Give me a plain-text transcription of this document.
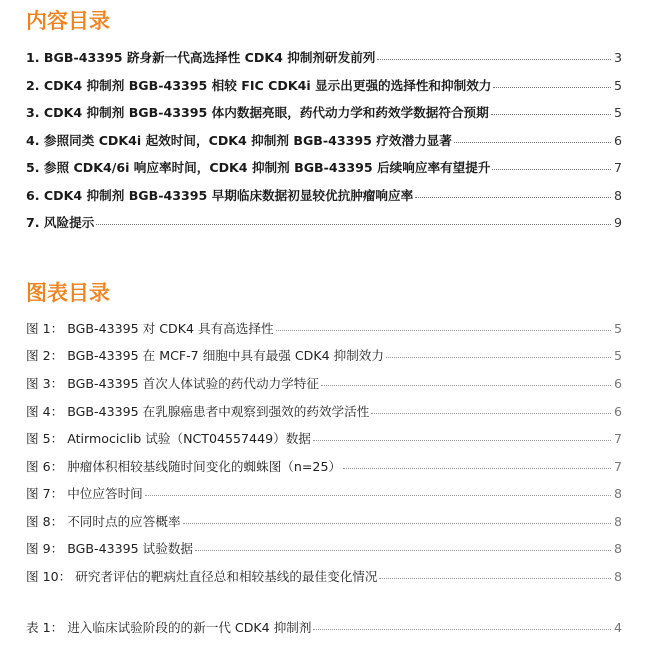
内容目录
1. BGB-43395 跻身新一代高选择性 CDK4 抑制剂研发前列	3
2. CDK4 抑制剂 BGB-43395 相较 FIC CDK4i 显示出更强的选择性和抑制效力	5
3. CDK4 抑制剂 BGB-43395 体内数据亮眼，药代动力学和药效学数据符合预期	5
4. 参照同类 CDK4i 起效时间，CDK4 抑制剂 BGB-43395 疗效潜力显著	6
5. 参照 CDK4/6i 响应率时间，CDK4 抑制剂 BGB-43395 后续响应率有望提升	7
6. CDK4 抑制剂 BGB-43395 早期临床数据初显较优抗肿瘤响应率	8
7. 风险提示	9
图表目录
图 1： BGB-43395 对 CDK4 具有高选择性	5
图 2： BGB-43395 在 MCF-7 细胞中具有最强 CDK4 抑制效力	5
图 3： BGB-43395 首次人体试验的药代动力学特征	6
图 4： BGB-43395 在乳腺癌患者中观察到强效的药效学活性	6
图 5： Atirmociclib 试验（NCT04557449）数据	7
图 6： 肿瘤体积相较基线随时间变化的蜘蛛图（n=25）	7
图 7： 中位应答时间	8
图 8： 不同时点的应答概率	8
图 9： BGB-43395 试验数据	8
图 10： 研究者评估的靶病灶直径总和相较基线的最佳变化情况	8
表 1： 进入临床试验阶段的的新一代 CDK4 抑制剂	4
